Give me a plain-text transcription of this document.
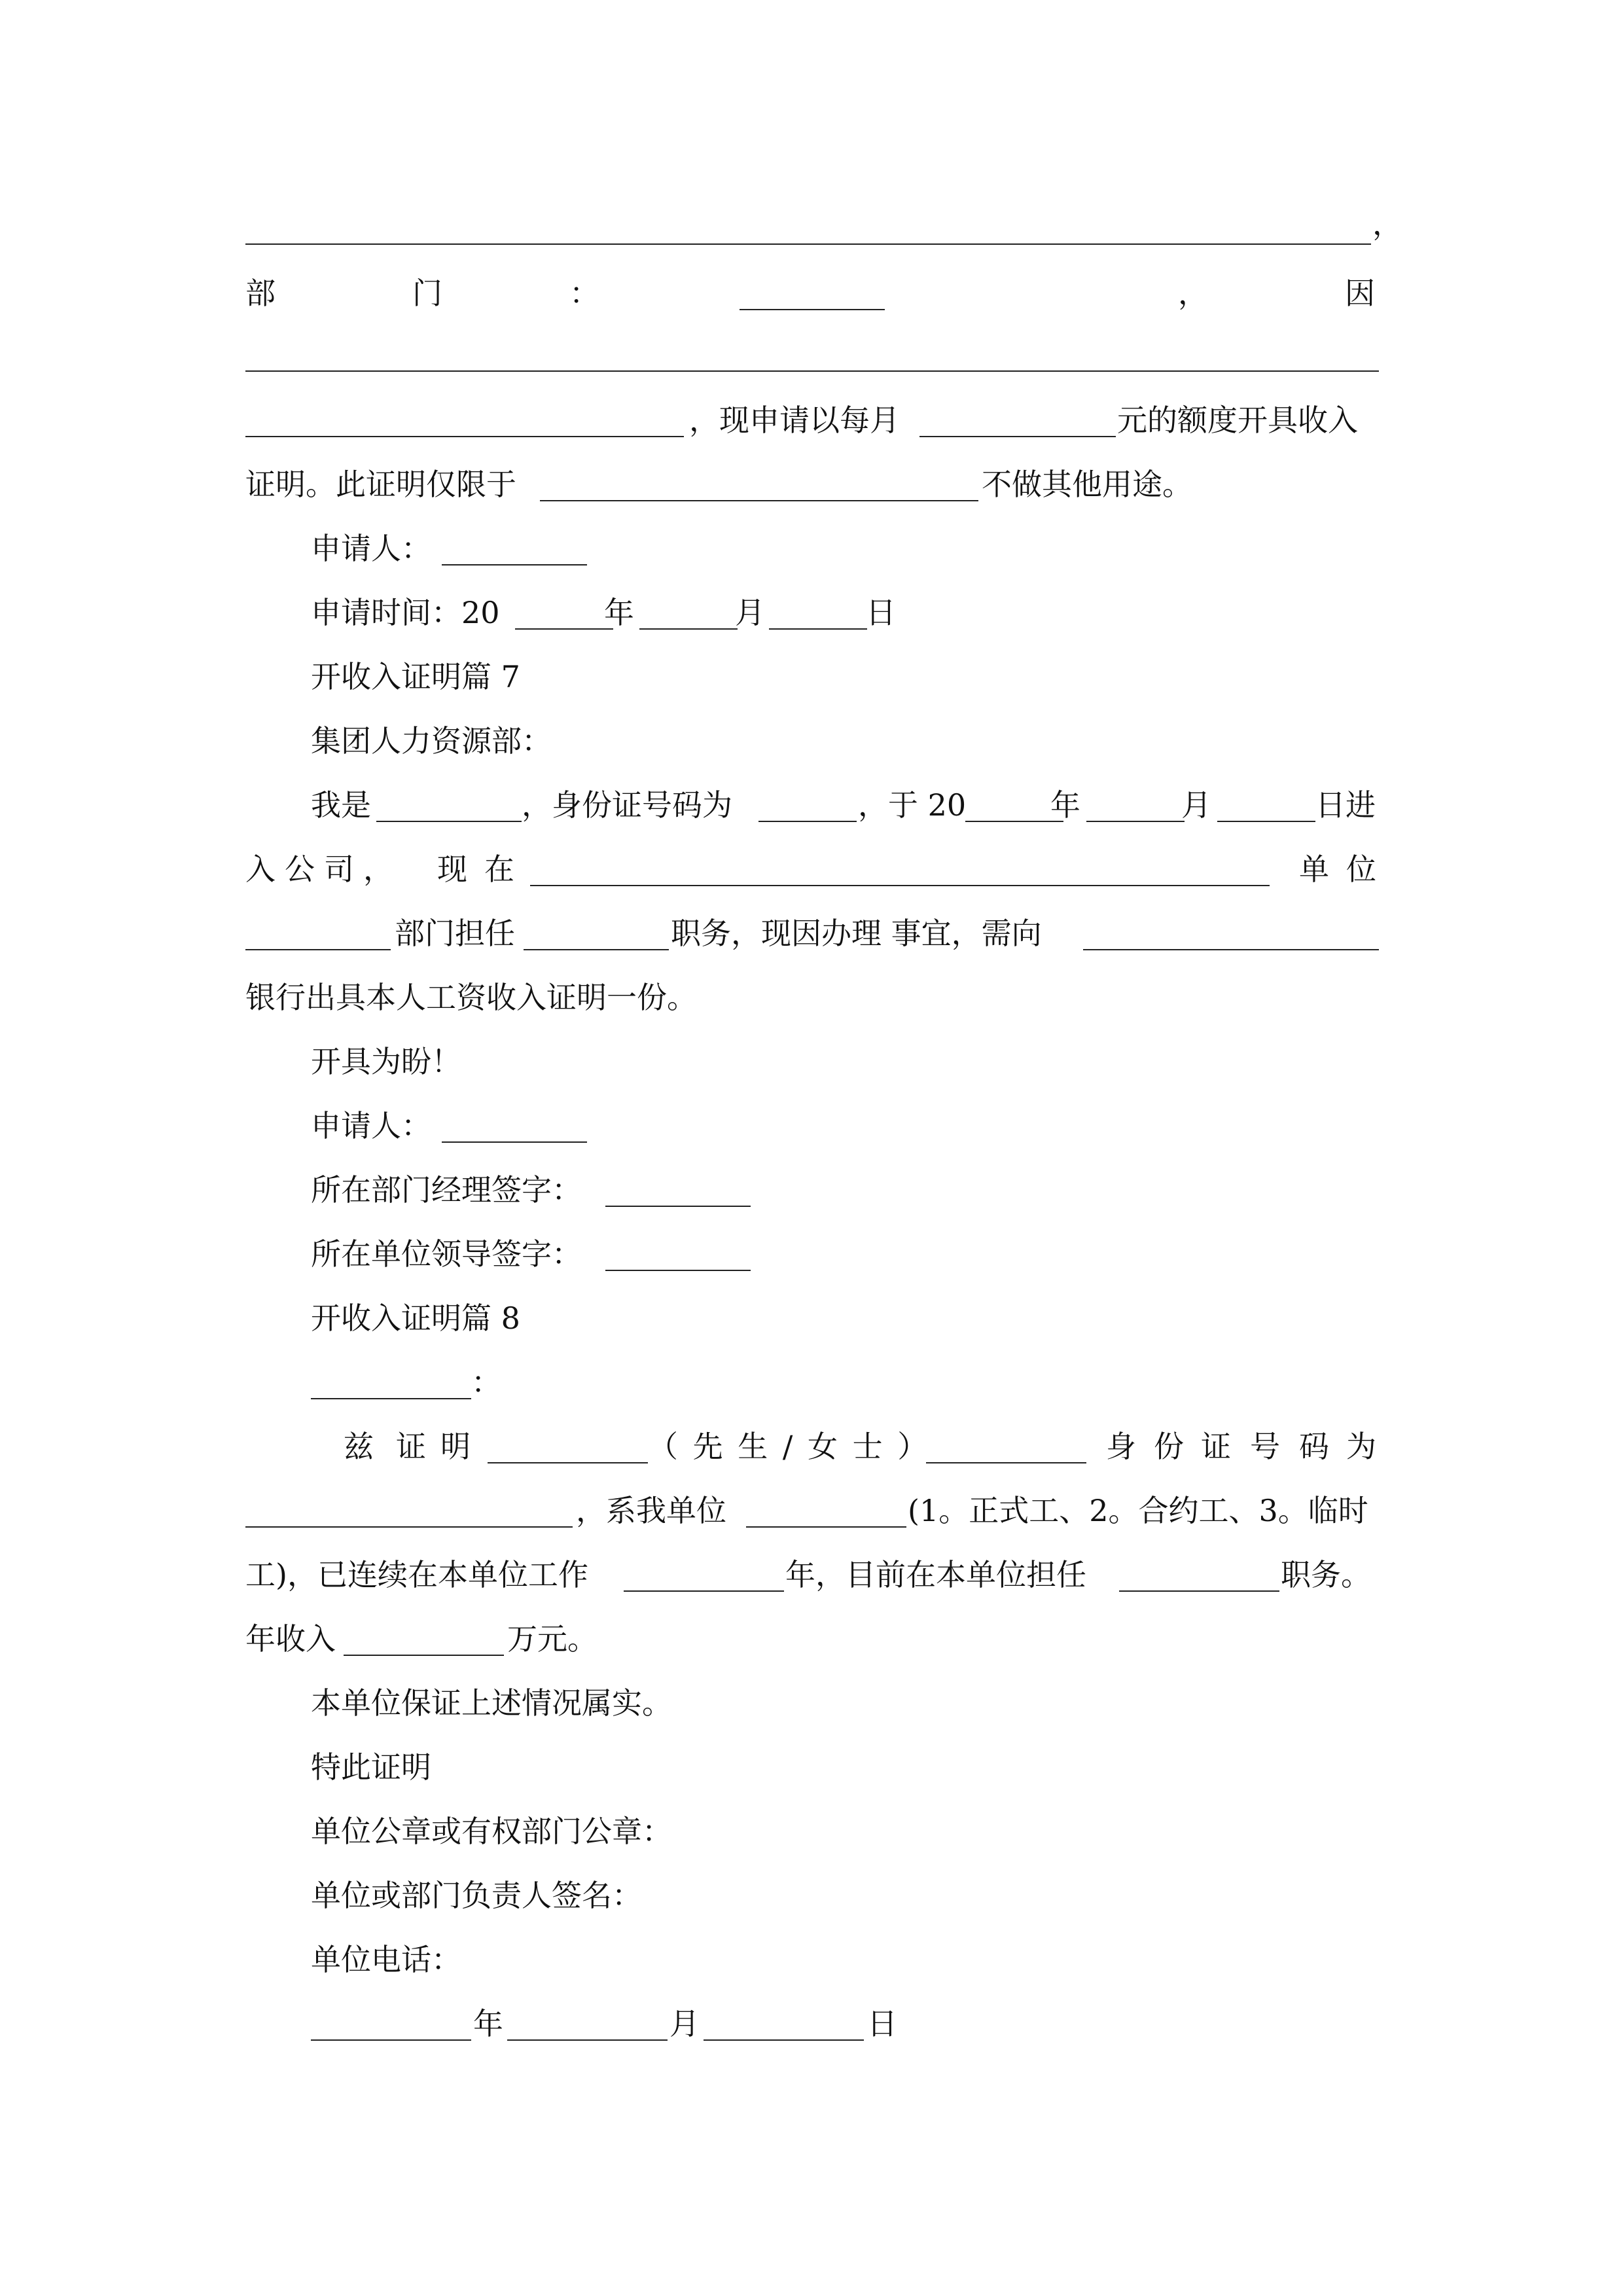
，
部	门	：	，	因
，现申请以每月	元的额度开具收入
证明。此证明仅限于	不做其他用途。
申请人：
申请时间：20	年	月	日
开收入证明篇 7
集团人力资源部：
我是	，身份证号码为	，于 20	年	月	日进
入 公 司 ， 现 在	单 位
部门担任	职务，现因办理 事宜，需向
银行出具本人工资收入证明一份。
开具为盼！
申请人：
所在部门经理签字：
所在单位领导签字：
开收入证明篇 8
：
兹 证 明	（ 先 生 / 女 士 ）	身 份 证 号 码 为
，系我单位	(1。正式工、2。合约工、3。临时
工)，已连续在本单位工作	年，目前在本单位担任	职务。
年收入	万元。
本单位保证上述情况属实。
特此证明
单位公章或有权部门公章：
单位或部门负责人签名：
单位电话：
年	月	日
